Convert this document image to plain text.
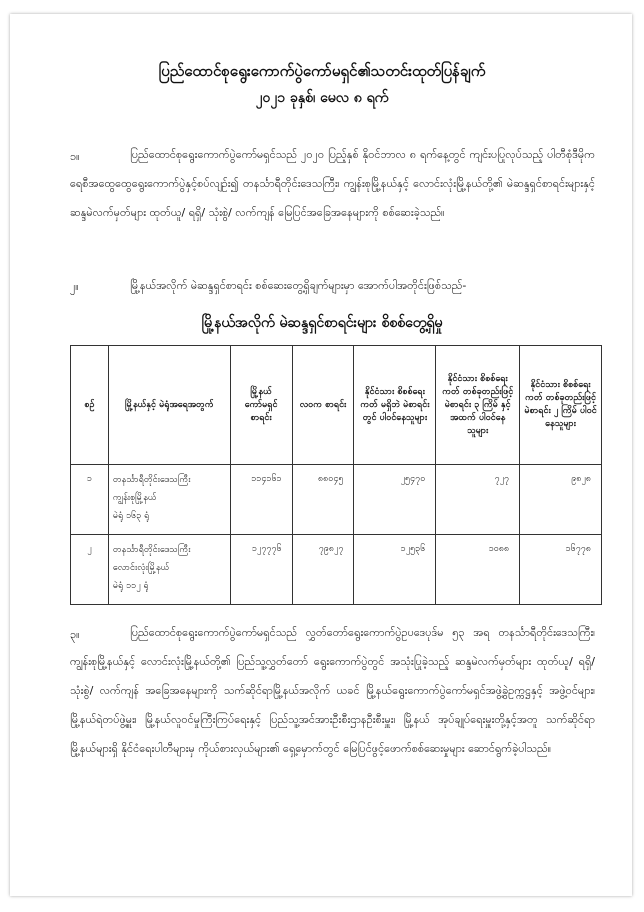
ပြည်ထောင်စုရွေးကောက်ပွဲကော်မရှင်၏သတင်းထုတ်ပြန်ချက်
၂၀၂၁ ခုနှစ်၊ မေလ ၈ ရက်
၁။	ပြည်ထောင်စုရွေးကောက်ပွဲကော်မရှင်သည် ၂၀၂၀ ပြည့်နှစ် နိုဝင်ဘာလ ၈ ရက်နေ့တွင် ကျင်းပပြုလုပ်သည့် ပါတီစုံဒီမိုကရေစီအထွေထွေရွေးကောက်ပွဲနှင့်စပ်လျဉ်း၍ တနင်္သာရီတိုင်းဒေသကြီး၊ ကျွန်းစုမြို့နယ်နှင့် လောင်းလုံးမြို့နယ်တို့၏ မဲဆန္ဒရှင်စာရင်းများနှင့် ဆန္ဒမဲလက်မှတ်များ ထုတ်ယူ/ ရရှိ/ သုံးစွဲ/ လက်ကျန် မြေပြင်အခြေအနေများကို စစ်ဆေးခဲ့သည်။
၂။	မြို့နယ်အလိုက် မဲဆန္ဒရှင်စာရင်း စစ်ဆေးတွေ့ရှိချက်များမှာ အောက်ပါအတိုင်းဖြစ်သည်-
မြို့နယ်အလိုက် မဲဆန္ဒရှင်စာရင်းများ စိစစ်တွေ့ရှိမှု
စဉ်	မြို့နယ်နှင့် မဲရုံအရေအတွက်	မြို့နယ် ကော်မရှင် စာရင်း	လဝက စာရင်း	နိုင်ငံသား စိစစ်ရေးကတ် မရှိဘဲ မဲစာရင်းတွင် ပါဝင်နေသူများ	နိုင်ငံသား စိစစ်ရေးကတ် တစ်ခုတည်းဖြင့် မဲစာရင်း ၃ ကြိမ် နှင့် အထက် ပါဝင်နေသူများ	နိုင်ငံသား စိစစ်ရေးကတ် တစ်ခုတည်းဖြင့် မဲစာရင်း ၂ ကြိမ် ပါဝင်နေသူများ
၁	တနင်္သာရီတိုင်းဒေသကြီး
ကျွန်းစုမြို့နယ်
မဲရုံ ၁၆၃ ရုံ	၁၁၄၁၆၁	၈၈၀၄၅	၂၅၄၇၀	၇၂၇	၉၈၂၈
၂	တနင်္သာရီတိုင်းဒေသကြီး
လောင်းလုံးမြို့နယ်
မဲရုံ ၁၁၂ ရုံ	၁၂၇၇၇၆	၇၉၈၂၇	၁၂၅၃၆	၁၀၈၈	၁၆၇၇၈
၃။	ပြည်ထောင်စုရွေးကောက်ပွဲကော်မရှင်သည် လွှတ်တော်ရွေးကောက်ပွဲဥပဒေပုဒ်မ ၅၃ အရ တနင်္သာရီတိုင်းဒေသကြီး၊ ကျွန်းစုမြို့နယ်နှင့် လောင်းလုံးမြို့နယ်တို့၏ ပြည်သူ့လွှတ်တော် ရွေးကောက်ပွဲတွင် အသုံးပြုခဲ့သည့် ဆန္ဒမဲလက်မှတ်များ ထုတ်ယူ/ ရရှိ/ သုံးစွဲ/ လက်ကျန် အခြေအနေများကို သက်ဆိုင်ရာမြို့နယ်အလိုက် ယခင် မြို့နယ်ရွေးကောက်ပွဲကော်မရှင်အဖွဲ့ခွဲဥက္ကဋ္ဌနှင့် အဖွဲ့ဝင်များ၊ မြို့နယ်ရဲတပ်ဖွဲ့မှူး၊ မြို့နယ်လူဝင်မှုကြီးကြပ်ရေးနှင့် ပြည်သူ့အင်အားဦးစီးဌာနဦးစီးမှူး၊ မြို့နယ် အုပ်ချုပ်ရေးမှူးတို့နှင့်အတူ သက်ဆိုင်ရာ မြို့နယ်များရှိ နိုင်ငံရေးပါတီများမှ ကိုယ်စားလှယ်များ၏ ရှေ့မှောက်တွင် မြေပြင်ဖွင့်ဖောက်စစ်ဆေးမှုများ ဆောင်ရွက်ခဲ့ပါသည်။
